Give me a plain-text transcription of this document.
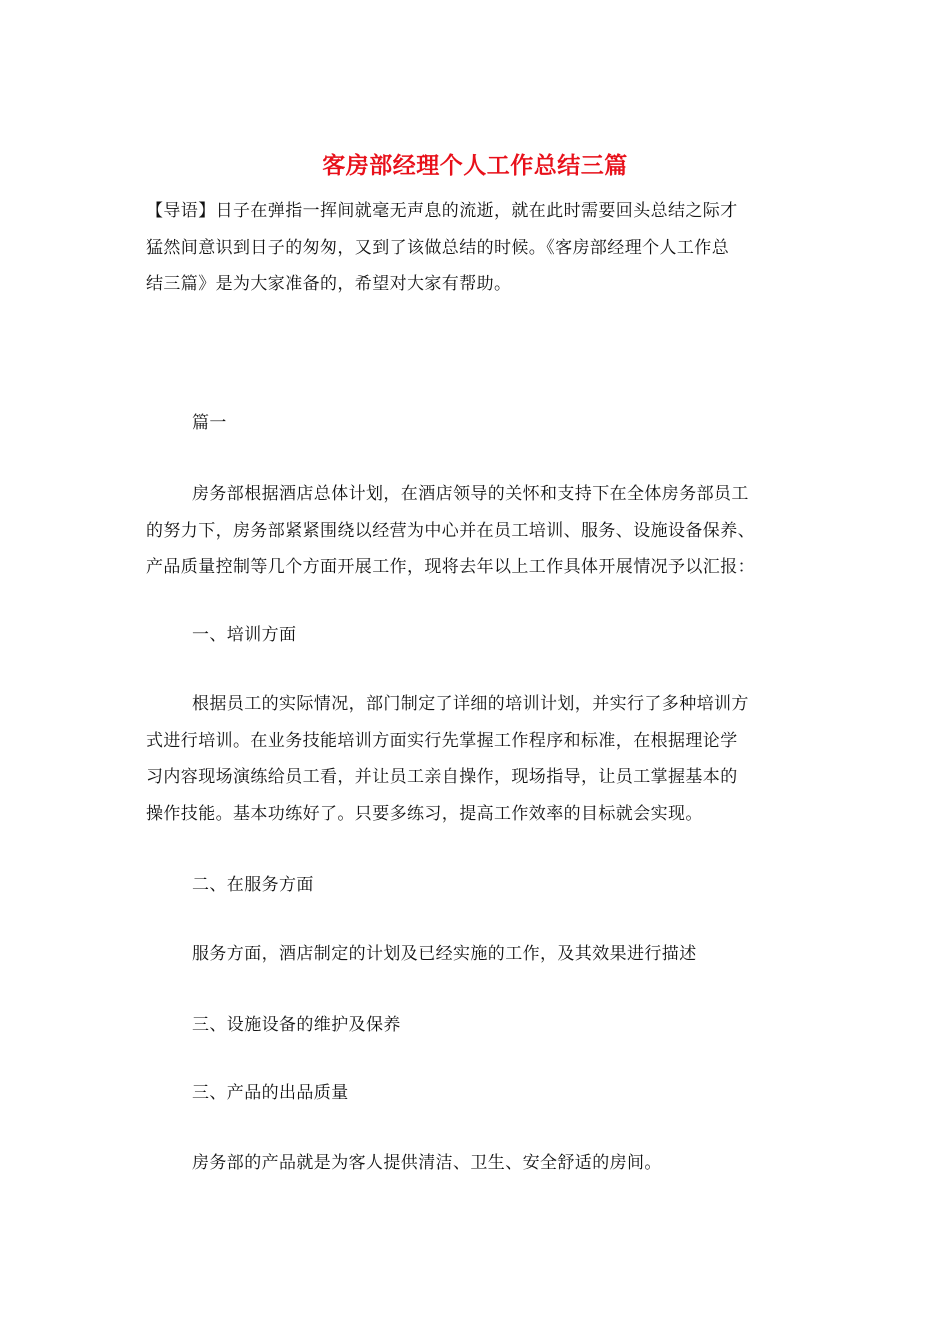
客房部经理个人工作总结三篇
【导语】日子在弹指一挥间就毫无声息的流逝，就在此时需要回头总结之际才
猛然间意识到日子的匆匆，又到了该做总结的时候。《客房部经理个人工作总
结三篇》是为大家准备的，希望对大家有帮助。
篇一
房务部根据酒店总体计划，在酒店领导的关怀和支持下在全体房务部员工
的努力下，房务部紧紧围绕以经营为中心并在员工培训、服务、设施设备保养、
产品质量控制等几个方面开展工作，现将去年以上工作具体开展情况予以汇报：
一、培训方面
根据员工的实际情况，部门制定了详细的培训计划，并实行了多种培训方
式进行培训。在业务技能培训方面实行先掌握工作程序和标准，在根据理论学
习内容现场演练给员工看，并让员工亲自操作，现场指导，让员工掌握基本的
操作技能。基本功练好了。只要多练习，提高工作效率的目标就会实现。
二、在服务方面
服务方面，酒店制定的计划及已经实施的工作，及其效果进行描述
三、设施设备的维护及保养
三、产品的出品质量
房务部的产品就是为客人提供清洁、卫生、安全舒适的房间。
